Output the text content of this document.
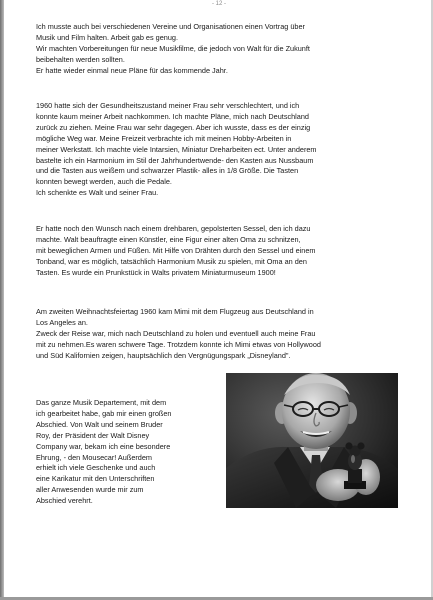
- 12 -
Ich musste auch bei verschiedenen Vereine und Organisationen einen Vortrag über
Musik und Film halten. Arbeit gab es genug.
Wir machten Vorbereitungen für neue Musikfilme, die jedoch von Walt für die Zukunft
beibehalten werden sollten.
Er hatte wieder einmal neue Pläne für das kommende Jahr.
1960 hatte sich der Gesundheitszustand meiner Frau sehr verschlechtert, und ich
konnte kaum meiner Arbeit nachkommen. Ich machte Pläne, mich nach Deutschland
zurück zu ziehen. Meine Frau war sehr dagegen. Aber ich wusste, dass es der einzig
mögliche Weg war. Meine Freizeit verbrachte ich mit meinen Hobby-Arbeiten in
meiner Werkstatt. Ich machte viele Intarsien, Miniatur Dreharbeiten ect. Unter anderem
bastelte ich ein Harmonium im Stil der Jahrhundertwende- den Kasten aus Nussbaum
und die Tasten aus weißem und schwarzer Plastik- alles in 1/8 Größe. Die Tasten
konnten bewegt werden, auch die Pedale.
Ich schenkte es Walt und seiner Frau.
Er hatte noch den Wunsch nach einem drehbaren, gepolsterten Sessel, den ich dazu
machte. Walt beauftragte einen Künstler, eine Figur einer alten Oma zu schnitzen,
mit beweglichen Armen und Füßen. Mit Hilfe von Drähten durch den Sessel und einem
Tonband, war es möglich, tatsächlich Harmonium Musik zu spielen, mit Oma an den
Tasten. Es wurde ein Prunkstück in Walts privatem Miniaturmuseum 1900!
Am zweiten Weihnachtsfeiertag 1960 kam Mimi mit dem Flugzeug aus Deutschland in
Los Angeles an.
Zweck der Reise war, mich nach Deutschland zu holen und eventuell auch meine Frau
mit zu nehmen.Es waren schwere Tage. Trotzdem konnte ich Mimi etwas von Hollywood
und Süd Kalifornien zeigen, hauptsächlich den Vergnügungspark „Disneyland".
Das ganze Musik Departement, mit dem
ich gearbeitet habe, gab mir einen großen
Abschied. Von Walt und seinem Bruder
Roy, der Präsident der Walt Disney
Company war, bekam ich eine besondere
Ehrung, - den Mousecar! Außerdem
erhielt ich viele Geschenke und auch
eine Karikatur mit den Unterschriften
aller Anwesenden wurde mir zum
Abschied verehrt.
